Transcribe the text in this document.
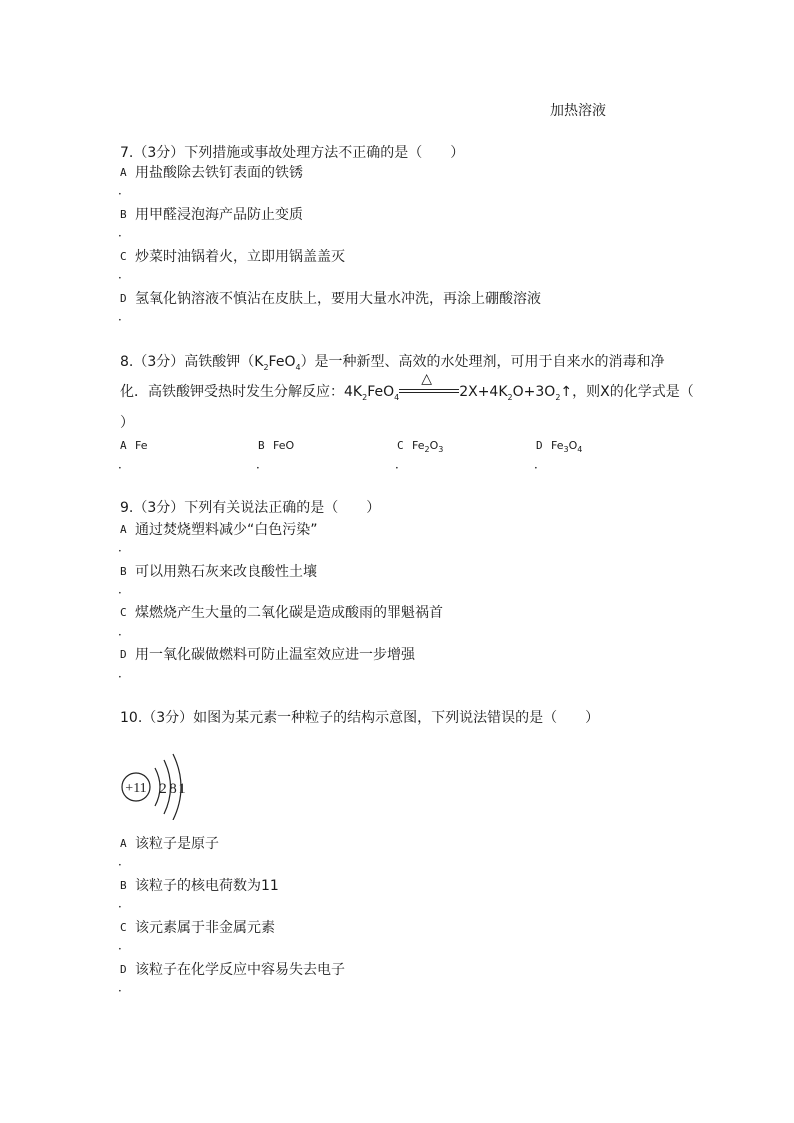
加热溶液
7.（3分）下列措施或事故处理方法不正确的是（　　）
A 用盐酸除去铁钉表面的铁锈
．
B 用甲醛浸泡海产品防止变质
．
C 炒菜时油锅着火，立即用锅盖盖灭
．
D 氢氧化钠溶液不慎沾在皮肤上，要用大量水冲洗，再涂上硼酸溶液
．
8.（3分）高铁酸钾$(K_2FeO_4)$是一种新型、高效的水处理剂，可用于自来水的消毒和净
化．高铁酸钾受热时发生分解反应：$4K_2FeO_4$
△
$2X+4K_2O+3O_2↑$，则X的化学式是（
）
A Fe
．
B FeO
．
C $Fe_2O_3$
．
D $Fe_3O_4$
．
9.（3分）下列有关说法正确的是（　　）
A 通过焚烧塑料减少“白色污染”
．
B 可以用熟石灰来改良酸性土壤
．
C 煤燃烧产生大量的二氧化碳是造成酸雨的罪魁祸首
．
D 用一氧化碳做燃料可防止温室效应进一步增强
．
10.（3分）如图为某元素一种粒子的结构示意图，下列说法错误的是（　　）
+11 2 8 1
A 该粒子是原子
．
B 该粒子的核电荷数为11
．
C 该元素属于非金属元素
．
D 该粒子在化学反应中容易失去电子
．
